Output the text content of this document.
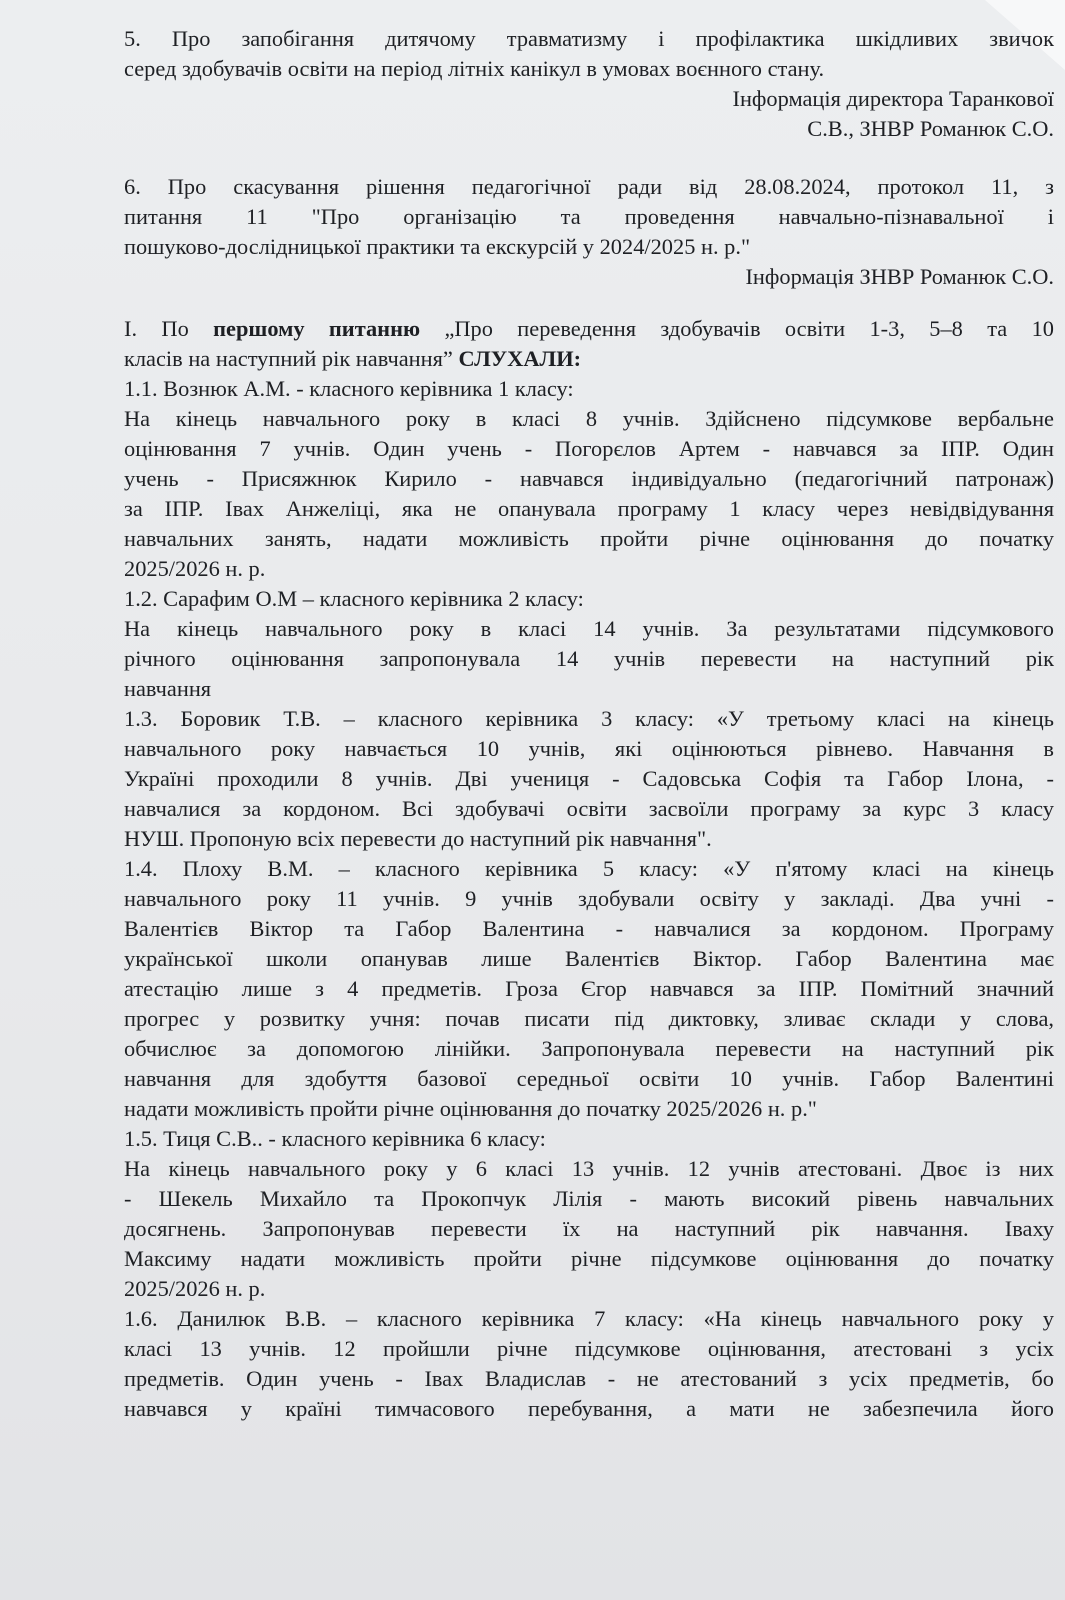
5. Про запобігання дитячому травматизму і профілактика шкідливих звичок
серед здобувачів освіти на період літніх канікул в умовах воєнного стану.
Інформація директора Таранкової
С.В., ЗНВР Романюк С.О.
6. Про скасування рішення педагогічної ради від 28.08.2024, протокол 11, з
питання 11 "Про організацію та проведення навчально-пізнавальної і
пошуково-дослідницької практики та екскурсій у 2024/2025 н. р."
Інформація ЗНВР Романюк С.О.
І. По першому питанню „Про переведення здобувачів освіти 1-3, 5–8 та 10
класів на наступний рік навчання” СЛУХАЛИ:
1.1. Вознюк А.М. - класного керівника 1 класу:
На кінець навчального року в класі 8 учнів. Здійснено підсумкове вербальне
оцінювання 7 учнів. Один учень - Погорєлов Артем - навчався за ІПР. Один
учень - Присяжнюк Кирило - навчався індивідуально (педагогічний патронаж)
за ІПР. Івах Анжеліці, яка не опанувала програму 1 класу через невідвідування
навчальних занять, надати можливість пройти річне оцінювання до початку
2025/2026 н. р.
1.2. Сарафим О.М – класного керівника 2 класу:
На кінець навчального року в класі 14 учнів. За результатами підсумкового
річного оцінювання запропонувала 14 учнів перевести на наступний рік
навчання
1.3. Боровик Т.В. – класного керівника 3 класу: «У третьому класі на кінець
навчального року навчається 10 учнів, які оцінюються рівнево. Навчання в
Україні проходили 8 учнів. Дві учениця - Садовська Софія та Габор Ілона, -
навчалися за кордоном. Всі здобувачі освіти засвоїли програму за курс 3 класу
НУШ. Пропоную всіх перевести до наступний рік навчання".
1.4. Плоху В.М. – класного керівника 5 класу: «У п'ятому класі на кінець
навчального року 11 учнів. 9 учнів здобували освіту у закладі. Два учні -
Валентієв Віктор та Габор Валентина - навчалися за кордоном. Програму
української школи опанував лише Валентієв Віктор. Габор Валентина має
атестацію лише з 4 предметів. Гроза Єгор навчався за ІПР. Помітний значний
прогрес у розвитку учня: почав писати під диктовку, зливає склади у слова,
обчислює за допомогою лінійки. Запропонувала перевести на наступний рік
навчання для здобуття базової середньої освіти 10 учнів. Габор Валентині
надати можливість пройти річне оцінювання до початку 2025/2026 н. р."
1.5. Тиця С.В.. - класного керівника 6 класу:
На кінець навчального року у 6 класі 13 учнів. 12 учнів атестовані. Двоє із них
- Шекель Михайло та Прокопчук Лілія - мають високий рівень навчальних
досягнень. Запропонував перевести їх на наступний рік навчання. Іваху
Максиму надати можливість пройти річне підсумкове оцінювання до початку
2025/2026 н. р.
1.6. Данилюк В.В. – класного керівника 7 класу: «На кінець навчального року у
класі 13 учнів. 12 пройшли річне підсумкове оцінювання, атестовані з усіх
предметів. Один учень - Івах Владислав - не атестований з усіх предметів, бо
навчався у країні тимчасового перебування, а мати не забезпечила його
